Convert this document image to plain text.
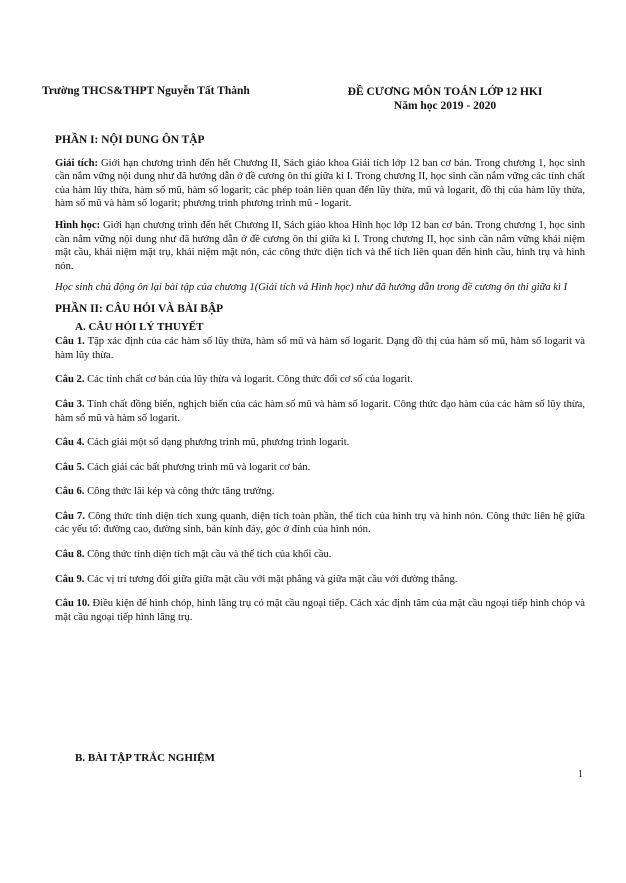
Trường THCS&THPT Nguyễn Tất Thành	ĐỀ CƯƠNG MÔN TOÁN LỚP 12 HKI
Năm học 2019 - 2020
PHẦN I: NỘI DUNG ÔN TẬP

Giải tích: Giới hạn chương trình đến hết Chương II, Sách giáo khoa Giải tích lớp 12 ban cơ bản. Trong chương 1, học sinh cần nắm vững nội dung như đã hướng dẫn ở đề cương ôn thi giữa kì I. Trong chương II, học sinh cần nắm vững các tính chất của hàm lũy thừa, hàm số mũ, hàm số logarit; các phép toán liên quan đến lũy thừa, mũ và logarit, đồ thị của hàm lũy thừa, hàm số mũ và hàm số logarit; phương trình phương trình mũ - logarit.

Hình học: Giới hạn chương trình đến hết Chương II, Sách giáo khoa Hình học lớp 12 ban cơ bản. Trong chương 1, học sinh cần nắm vững nội dung như đã hướng dẫn ở đề cương ôn thi giữa kì I. Trong chương II, học sinh cần nắm vững khái niệm mặt cầu, khái niệm mặt trụ, khái niệm mặt nón, các công thức diện tích và thể tích liên quan đến hình cầu, hình trụ và hình nón.

Học sinh chủ động ôn lại bài tập của chương 1(Giải tích và Hình học) như đã hướng dẫn trong đề cương ôn thi giữa kì I

PHẦN II: CÂU HỎI VÀ BÀI BẬP
A. CÂU HỎI LÝ THUYẾT

Câu 1. Tập xác định của các hàm số lũy thừa, hàm số mũ và hàm số logarit. Dạng đồ thị của hàm số mũ, hàm số logarit và hàm lũy thừa.

Câu 2. Các tính chất cơ bản của lũy thừa và logarit. Công thức đổi cơ số của logarit.

Câu 3. Tính chất đồng biến, nghịch biến của các hàm số mũ và hàm số logarit. Công thức đạo hàm của các hàm số lũy thừa, hàm số mũ và hàm số logarit.

Câu 4. Cách giải một số dạng phương trình mũ, phương trình logarit.

Câu 5. Cách giải các bất phương trình mũ và logarit cơ bản.

Câu 6. Công thức lãi kép và công thức tăng trưởng.

Câu 7. Công thức tính diện tích xung quanh, diện tích toàn phần, thể tích của hình trụ và hình nón. Công thức liên hệ giữa các yếu tố: đường cao, đường sinh, bán kính đáy, góc ở đỉnh của hình nón.

Câu 8. Công thức tính diện tích mặt cầu và thể tích của khối cầu.

Câu 9. Các vị trí tương đối giữa giữa mặt cầu với mặt phẳng và giữa mặt cầu với đường thẳng.

Câu 10. Điều kiện để hình chóp, hình lăng trụ có mặt cầu ngoại tiếp. Cách xác định tâm của mặt cầu ngoại tiếp hình chóp và mặt cầu ngoại tiếp hình lăng trụ.

B. BÀI TẬP TRẮC NGHIỆM
1
